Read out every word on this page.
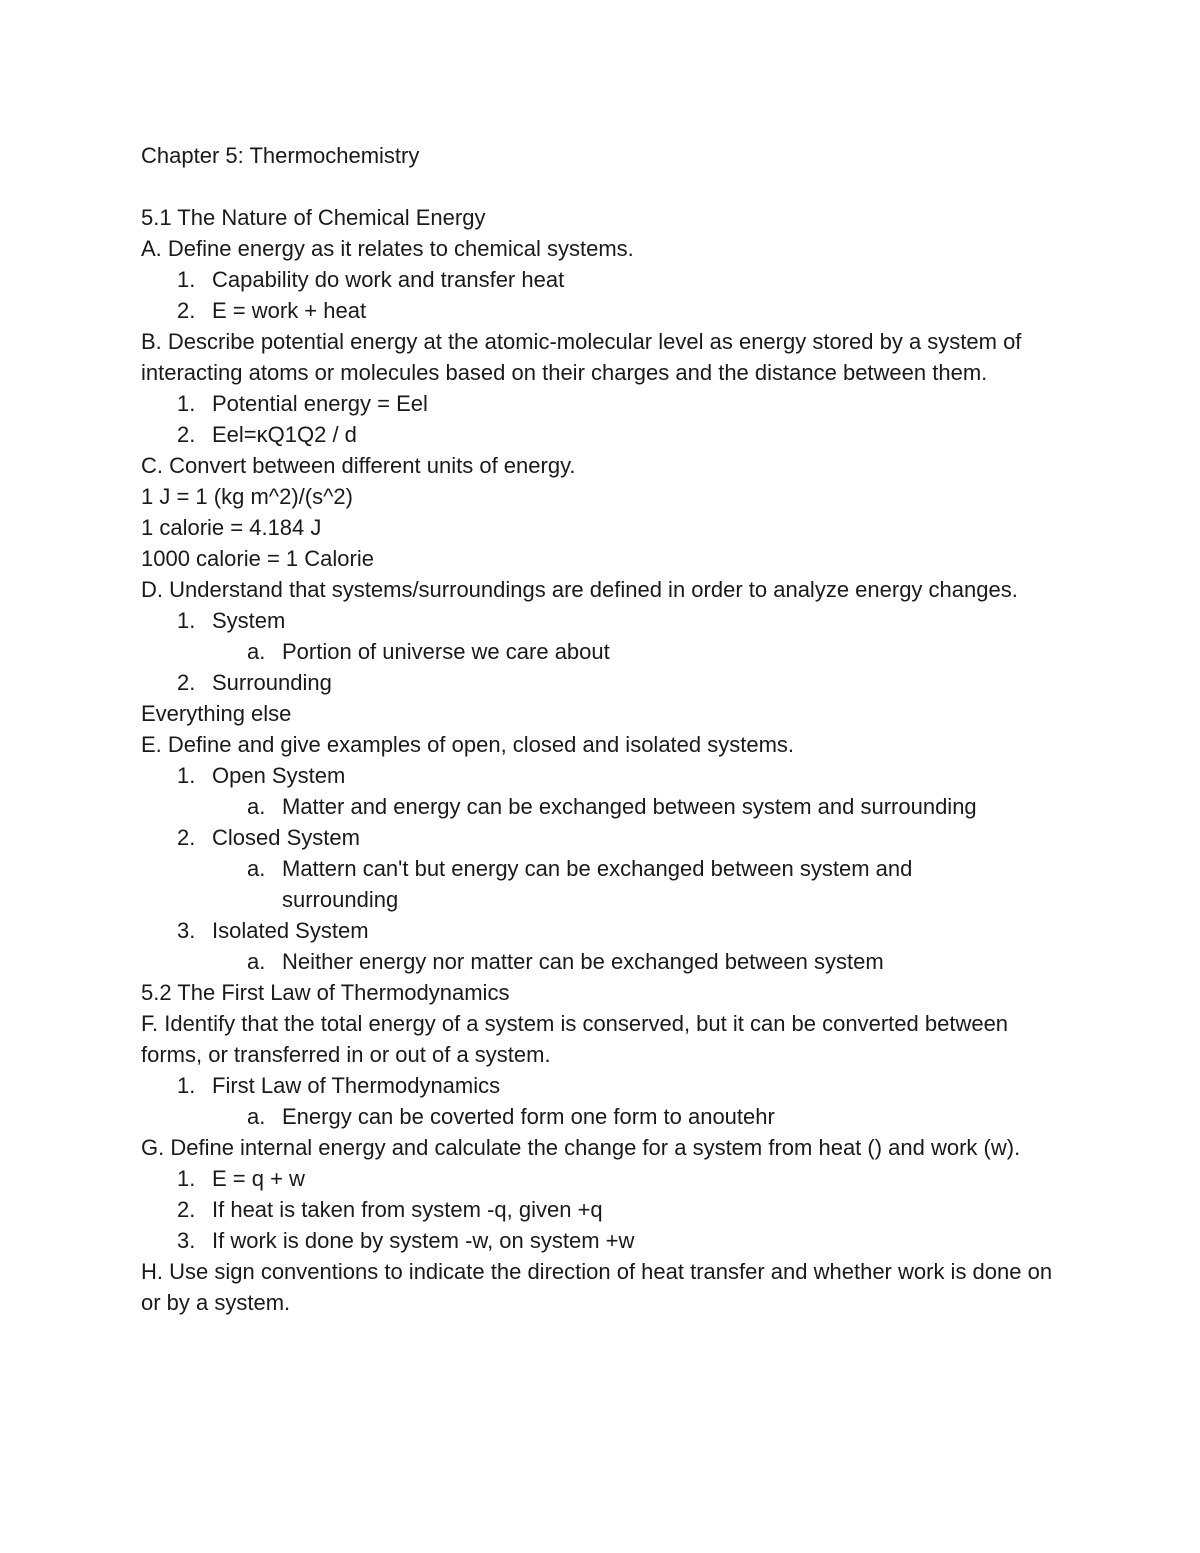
Chapter 5: Thermochemistry

5.1 The Nature of Chemical Energy

A. Define energy as it relates to chemical systems.

1. Capability do work and transfer heat
2. E = work + heat

B. Describe potential energy at the atomic-molecular level as energy stored by a system of interacting atoms or molecules based on their charges and the distance between them.

1. Potential energy = Eel
2. Eel=κQ1Q2 / d

C. Convert between different units of energy.

1 J = 1 (kg m^2)/(s^2)

1 calorie = 4.184 J

1000 calorie = 1 Calorie

D. Understand that systems/surroundings are defined in order to analyze energy changes.

1. System
a. Portion of universe we care about
2. Surrounding

Everything else

E. Define and give examples of open, closed and isolated systems.

1. Open System
a. Matter and energy can be exchanged between system and surrounding
2. Closed System
a. Mattern can't but energy can be exchanged between system and surrounding
3. Isolated System
a. Neither energy nor matter can be exchanged between system

5.2 The First Law of Thermodynamics

F. Identify that the total energy of a system is conserved, but it can be converted between forms, or transferred in or out of a system.

1. First Law of Thermodynamics
a. Energy can be coverted form one form to anoutehr

G. Define internal energy and calculate the change for a system from heat () and work (w).

1. E = q + w
2. If heat is taken from system -q, given +q
3. If work is done by system -w, on system +w

H. Use sign conventions to indicate the direction of heat transfer and whether work is done on or by a system.
